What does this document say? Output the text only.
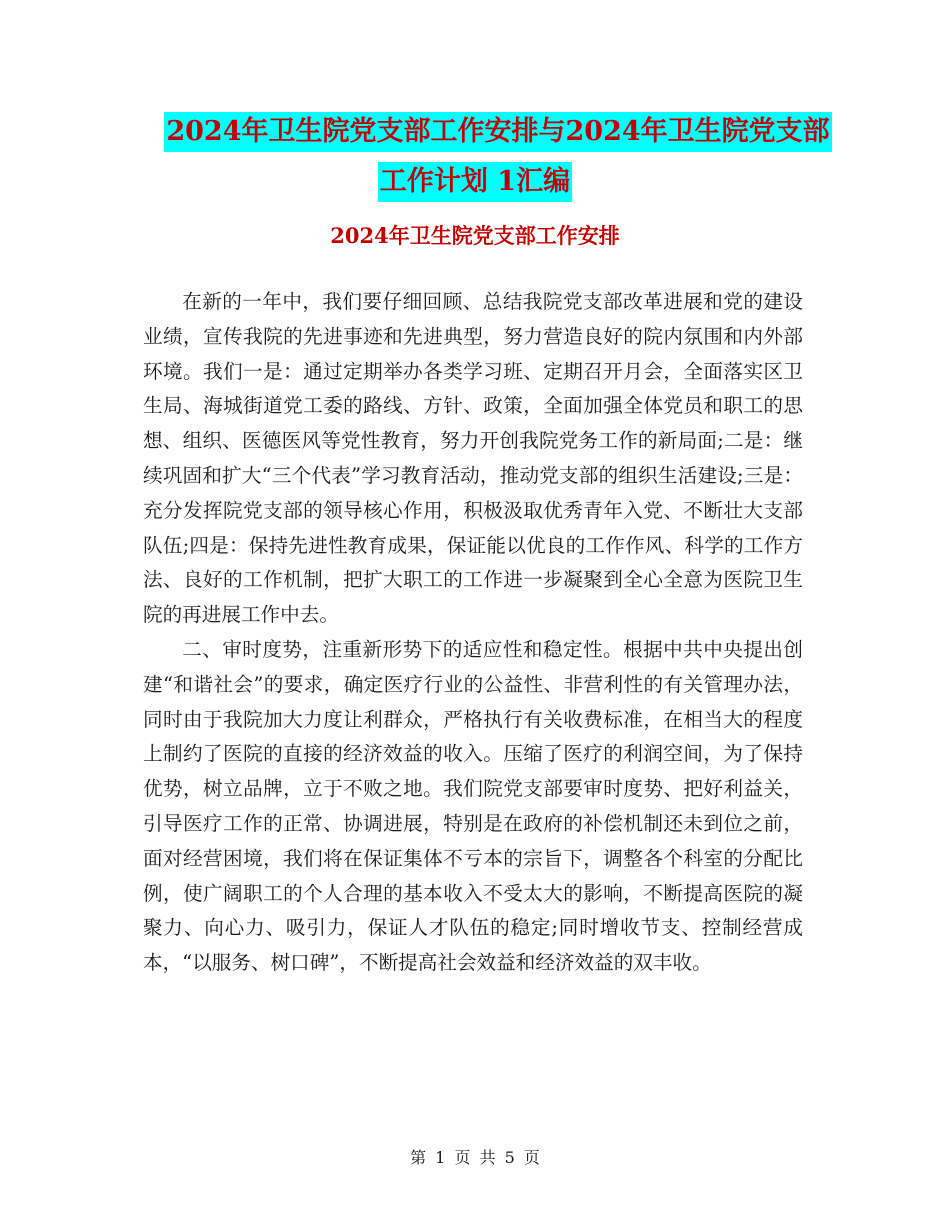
2024年卫生院党支部工作安排与2024年卫生院党支部
工作计划 1汇编
2024年卫生院党支部工作安排

在新的一年中，我们要仔细回顾、总结我院党支部改革进展和党的建设业绩，宣传我院的先进事迹和先进典型，努力营造良好的院内氛围和内外部环境。我们一是：通过定期举办各类学习班、定期召开月会，全面落实区卫生局、海城街道党工委的路线、方针、政策，全面加强全体党员和职工的思想、组织、医德医风等党性教育，努力开创我院党务工作的新局面;二是：继续巩固和扩大“三个代表”学习教育活动，推动党支部的组织生活建设;三是：充分发挥院党支部的领导核心作用，积极汲取优秀青年入党、不断壮大支部队伍;四是：保持先进性教育成果，保证能以优良的工作作风、科学的工作方法、良好的工作机制，把扩大职工的工作进一步凝聚到全心全意为医院卫生院的再进展工作中去。

二、审时度势，注重新形势下的适应性和稳定性。根据中共中央提出创建“和谐社会”的要求，确定医疗行业的公益性、非营利性的有关管理办法，同时由于我院加大力度让利群众，严格执行有关收费标准，在相当大的程度上制约了医院的直接的经济效益的收入。压缩了医疗的利润空间，为了保持优势，树立品牌，立于不败之地。我们院党支部要审时度势、把好利益关，引导医疗工作的正常、协调进展，特别是在政府的补偿机制还未到位之前，面对经营困境，我们将在保证集体不亏本的宗旨下，调整各个科室的分配比例，使广阔职工的个人合理的基本收入不受太大的影响，不断提高医院的凝聚力、向心力、吸引力，保证人才队伍的稳定;同时增收节支、控制经营成本，“以服务、树口碑”，不断提高社会效益和经济效益的双丰收。

第 1 页 共 5 页
